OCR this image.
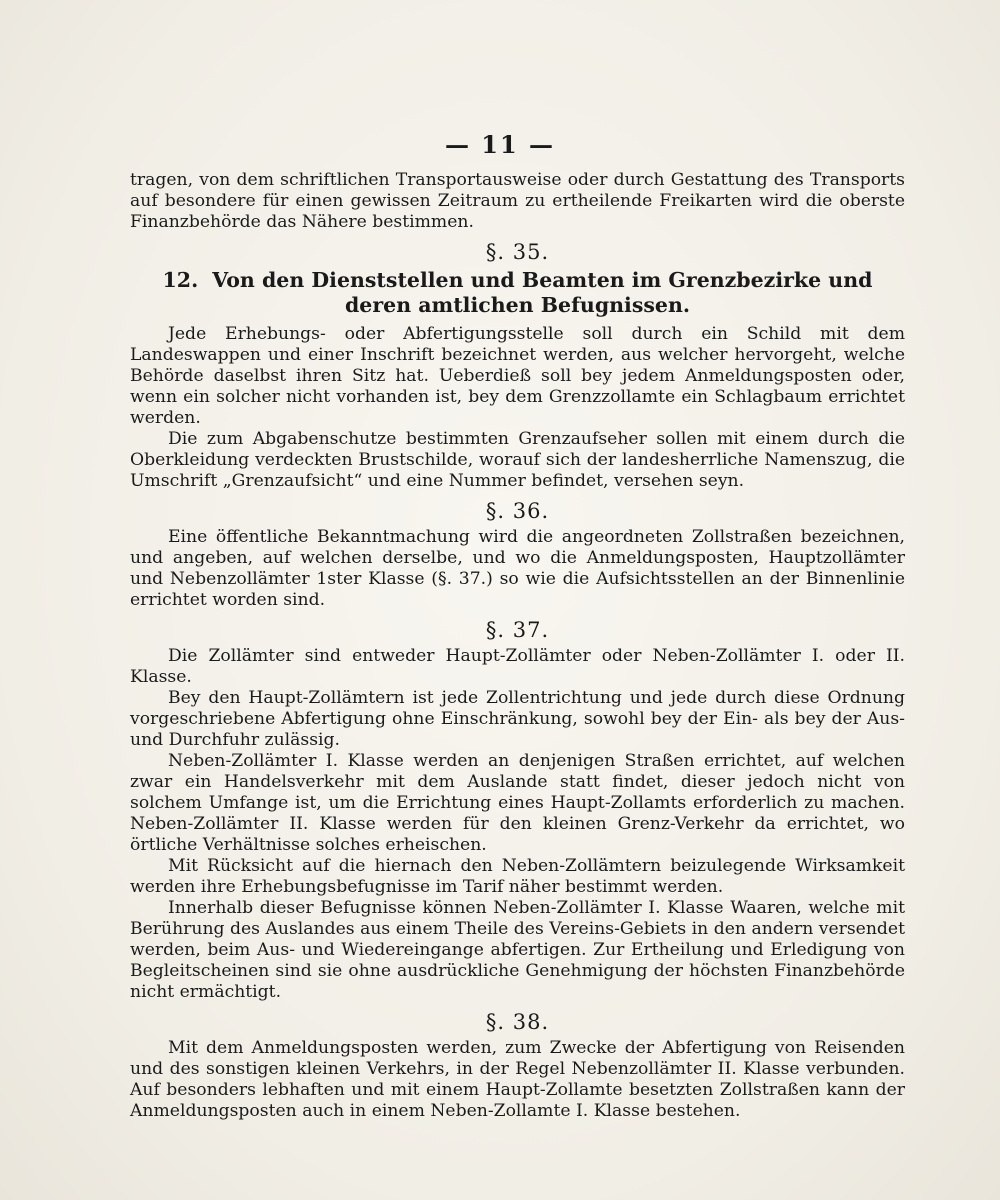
— 11 —

tragen, von dem schriftlichen Transportausweise oder durch Gestattung des Transports auf besondere für einen gewissen Zeitraum zu ertheilende Freikarten wird die oberste Finanzbehörde das Nähere bestimmen.

§. 35.
12. Von den Dienststellen und Beamten im Grenzbezirke und deren amtlichen Befugnissen.

Jede Erhebungs- oder Abfertigungsstelle soll durch ein Schild mit dem Landeswappen und einer Inschrift bezeichnet werden, aus welcher hervorgeht, welche Behörde daselbst ihren Sitz hat. Ueberdieß soll bey jedem Anmeldungsposten oder, wenn ein solcher nicht vorhanden ist, bey dem Grenzzollamte ein Schlagbaum errichtet werden.

Die zum Abgabenschutze bestimmten Grenzaufseher sollen mit einem durch die Oberkleidung verdeckten Brustschilde, worauf sich der landesherrliche Namenszug, die Umschrift „Grenzaufsicht“ und eine Nummer befindet, versehen seyn.

§. 36.

Eine öffentliche Bekanntmachung wird die angeordneten Zollstraßen bezeichnen, und angeben, auf welchen derselbe, und wo die Anmeldungsposten, Hauptzollämter und Nebenzollämter 1ster Klasse (§. 37.) so wie die Aufsichtsstellen an der Binnenlinie errichtet worden sind.

§. 37.

Die Zollämter sind entweder Haupt-Zollämter oder Neben-Zollämter I. oder II. Klasse.

Bey den Haupt-Zollämtern ist jede Zollentrichtung und jede durch diese Ordnung vorgeschriebene Abfertigung ohne Einschränkung, sowohl bey der Ein- als bey der Aus- und Durchfuhr zulässig.

Neben-Zollämter I. Klasse werden an denjenigen Straßen errichtet, auf welchen zwar ein Handelsverkehr mit dem Auslande statt findet, dieser jedoch nicht von solchem Umfange ist, um die Errichtung eines Haupt-Zollamts erforderlich zu machen. Neben-Zollämter II. Klasse werden für den kleinen Grenz-Verkehr da errichtet, wo örtliche Verhältnisse solches erheischen.

Mit Rücksicht auf die hiernach den Neben-Zollämtern beizulegende Wirksamkeit werden ihre Erhebungsbefugnisse im Tarif näher bestimmt werden.

Innerhalb dieser Befugnisse können Neben-Zollämter I. Klasse Waaren, welche mit Berührung des Auslandes aus einem Theile des Vereins-Gebiets in den andern versendet werden, beim Aus- und Wiedereingange abfertigen. Zur Ertheilung und Erledigung von Begleitscheinen sind sie ohne ausdrückliche Genehmigung der höchsten Finanzbehörde nicht ermächtigt.

§. 38.

Mit dem Anmeldungsposten werden, zum Zwecke der Abfertigung von Reisenden und des sonstigen kleinen Verkehrs, in der Regel Nebenzollämter II. Klasse verbunden. Auf besonders lebhaften und mit einem Haupt-Zollamte besetzten Zollstraßen kann der Anmeldungsposten auch in einem Neben-Zollamte I. Klasse bestehen.
